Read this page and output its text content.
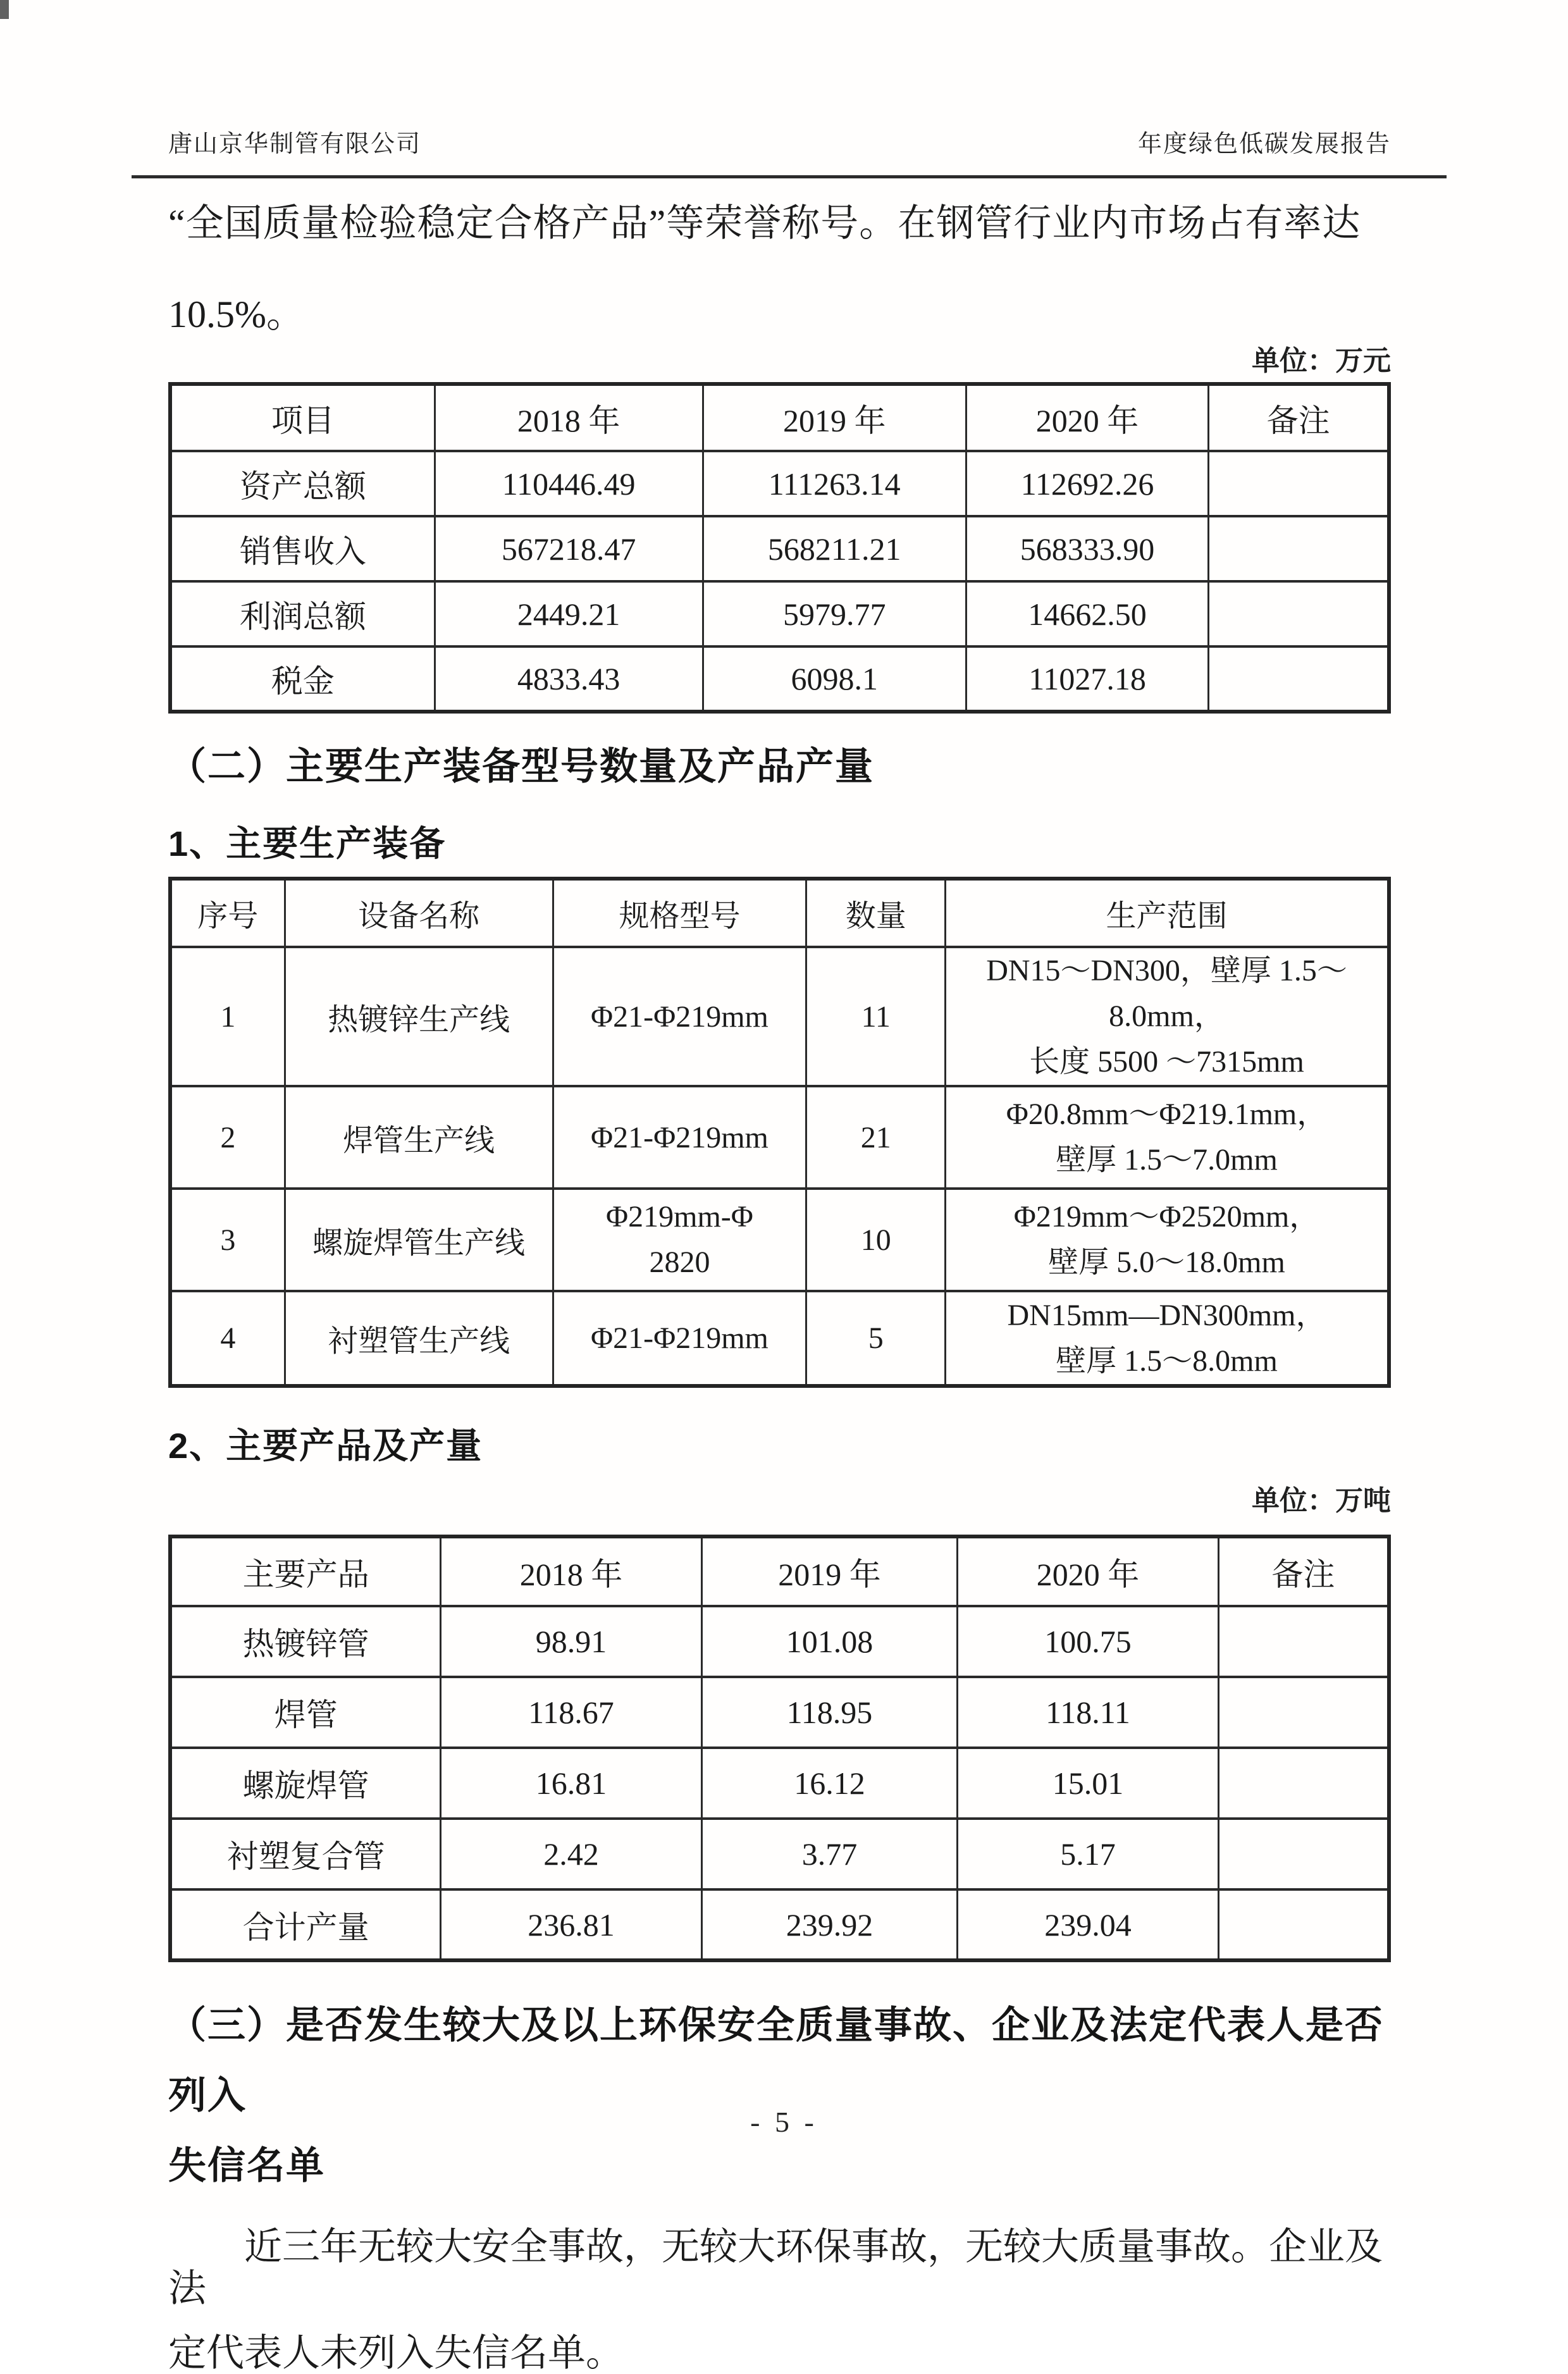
唐山京华制管有限公司	年度绿色低碳发展报告

“全国质量检验稳定合格产品”等荣誉称号。在钢管行业内市场占有率达

10.5%。

单位：万元
项目	2018 年	2019 年	2020 年	备注
资产总额	110446.49	111263.14	112692.26	
销售收入	567218.47	568211.21	568333.90	
利润总额	2449.21	5979.77	14662.50	
税金	4833.43	6098.1	11027.18	
（二）主要生产装备型号数量及产品产量
1、主要生产装备
序号	设备名称	规格型号	数量	生产范围
1	热镀锌生产线	Φ21-Φ219mm	11	DN15～DN300，壁厚 1.5～8.0mm，
长度 5500 ～7315mm

2	焊管生产线	Φ21-Φ219mm	21	Φ20.8mm～Φ219.1mm，
壁厚 1.5～7.0mm

3	螺旋焊管生产线	Φ219mm-Φ
2820	10	Φ219mm～Φ2520mm，
壁厚 5.0～18.0mm

4	衬塑管生产线	Φ21-Φ219mm	5	DN15mm—DN300mm，
壁厚 1.5～8.0mm
2、主要产品及产量
单位：万吨
主要产品	2018 年	2019 年	2020 年	备注
热镀锌管	98.91	101.08	100.75	
焊管	118.67	118.95	118.11	
螺旋焊管	16.81	16.12	15.01	
衬塑复合管	2.42	3.77	5.17	
合计产量	236.81	239.92	239.04	
（三）是否发生较大及以上环保安全质量事故、企业及法定代表人是否列入
失信名单

近三年无较大安全事故，无较大环保事故，无较大质量事故。企业及法

定代表人未列入失信名单。

- 5 -
